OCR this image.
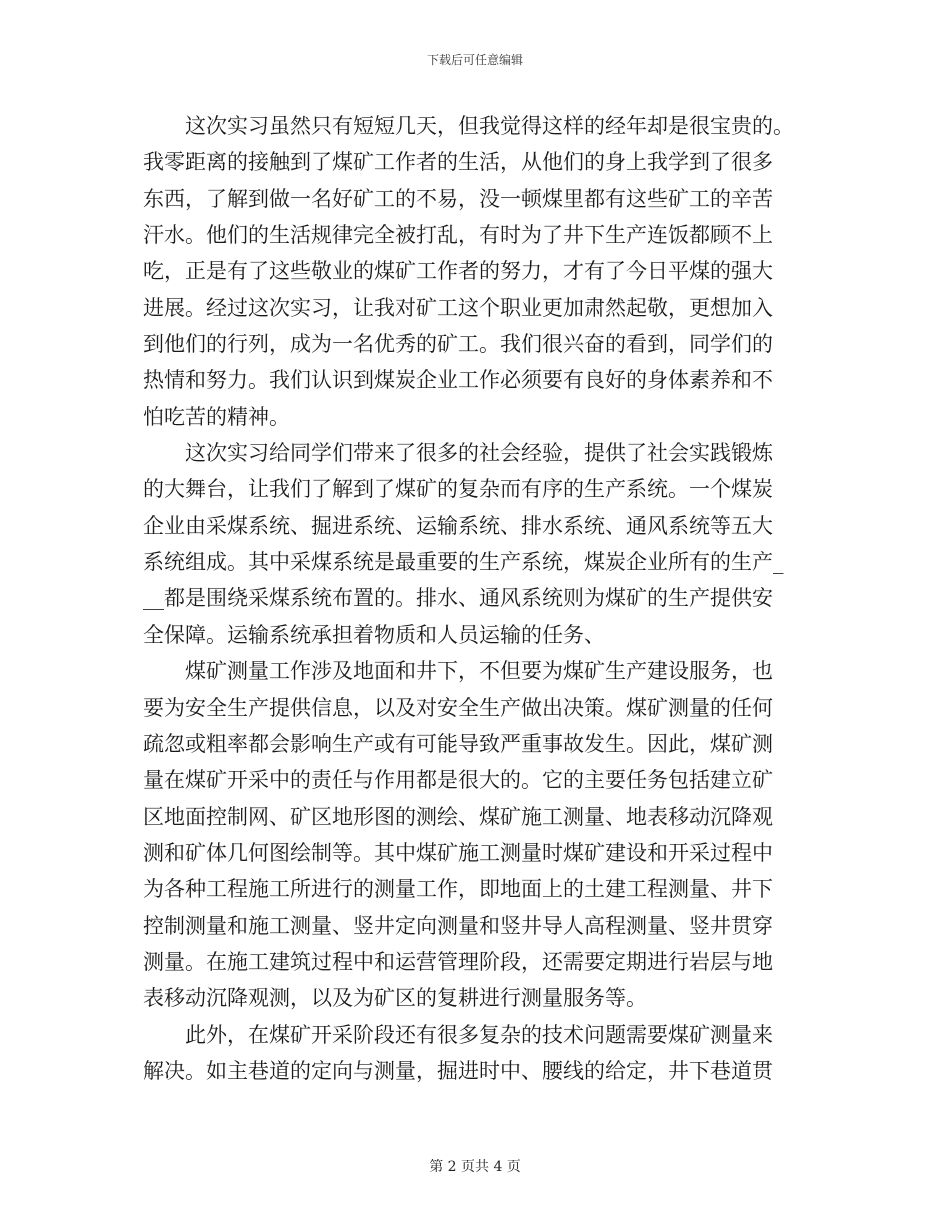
下载后可任意编辑

这次实习虽然只有短短几天，但我觉得这样的经年却是很宝贵的。
我零距离的接触到了煤矿工作者的生活，从他们的身上我学到了很多
东西，了解到做一名好矿工的不易，没一顿煤里都有这些矿工的辛苦
汗水。他们的生活规律完全被打乱，有时为了井下生产连饭都顾不上
吃，正是有了这些敬业的煤矿工作者的努力，才有了今日平煤的强大
进展。经过这次实习，让我对矿工这个职业更加肃然起敬，更想加入
到他们的行列，成为一名优秀的矿工。我们很兴奋的看到，同学们的
热情和努力。我们认识到煤炭企业工作必须要有良好的身体素养和不
怕吃苦的精神。

这次实习给同学们带来了很多的社会经验，提供了社会实践锻炼
的大舞台，让我们了解到了煤矿的复杂而有序的生产系统。一个煤炭
企业由采煤系统、掘进系统、运输系统、排水系统、通风系统等五大
系统组成。其中采煤系统是最重要的生产系统，煤炭企业所有的生产_
__都是围绕采煤系统布置的。排水、通风系统则为煤矿的生产提供安
全保障。运输系统承担着物质和人员运输的任务、

煤矿测量工作涉及地面和井下，不但要为煤矿生产建设服务，也
要为安全生产提供信息，以及对安全生产做出决策。煤矿测量的任何
疏忽或粗率都会影响生产或有可能导致严重事故发生。因此，煤矿测
量在煤矿开采中的责任与作用都是很大的。它的主要任务包括建立矿
区地面控制网、矿区地形图的测绘、煤矿施工测量、地表移动沉降观
测和矿体几何图绘制等。其中煤矿施工测量时煤矿建设和开采过程中
为各种工程施工所进行的测量工作，即地面上的土建工程测量、井下
控制测量和施工测量、竖井定向测量和竖井导人高程测量、竖井贯穿
测量。在施工建筑过程中和运营管理阶段，还需要定期进行岩层与地
表移动沉降观测，以及为矿区的复耕进行测量服务等。

此外，在煤矿开采阶段还有很多复杂的技术问题需要煤矿测量来
解决。如主巷道的定向与测量，掘进时中、腰线的给定，井下巷道贯

第 2 页共 4 页
